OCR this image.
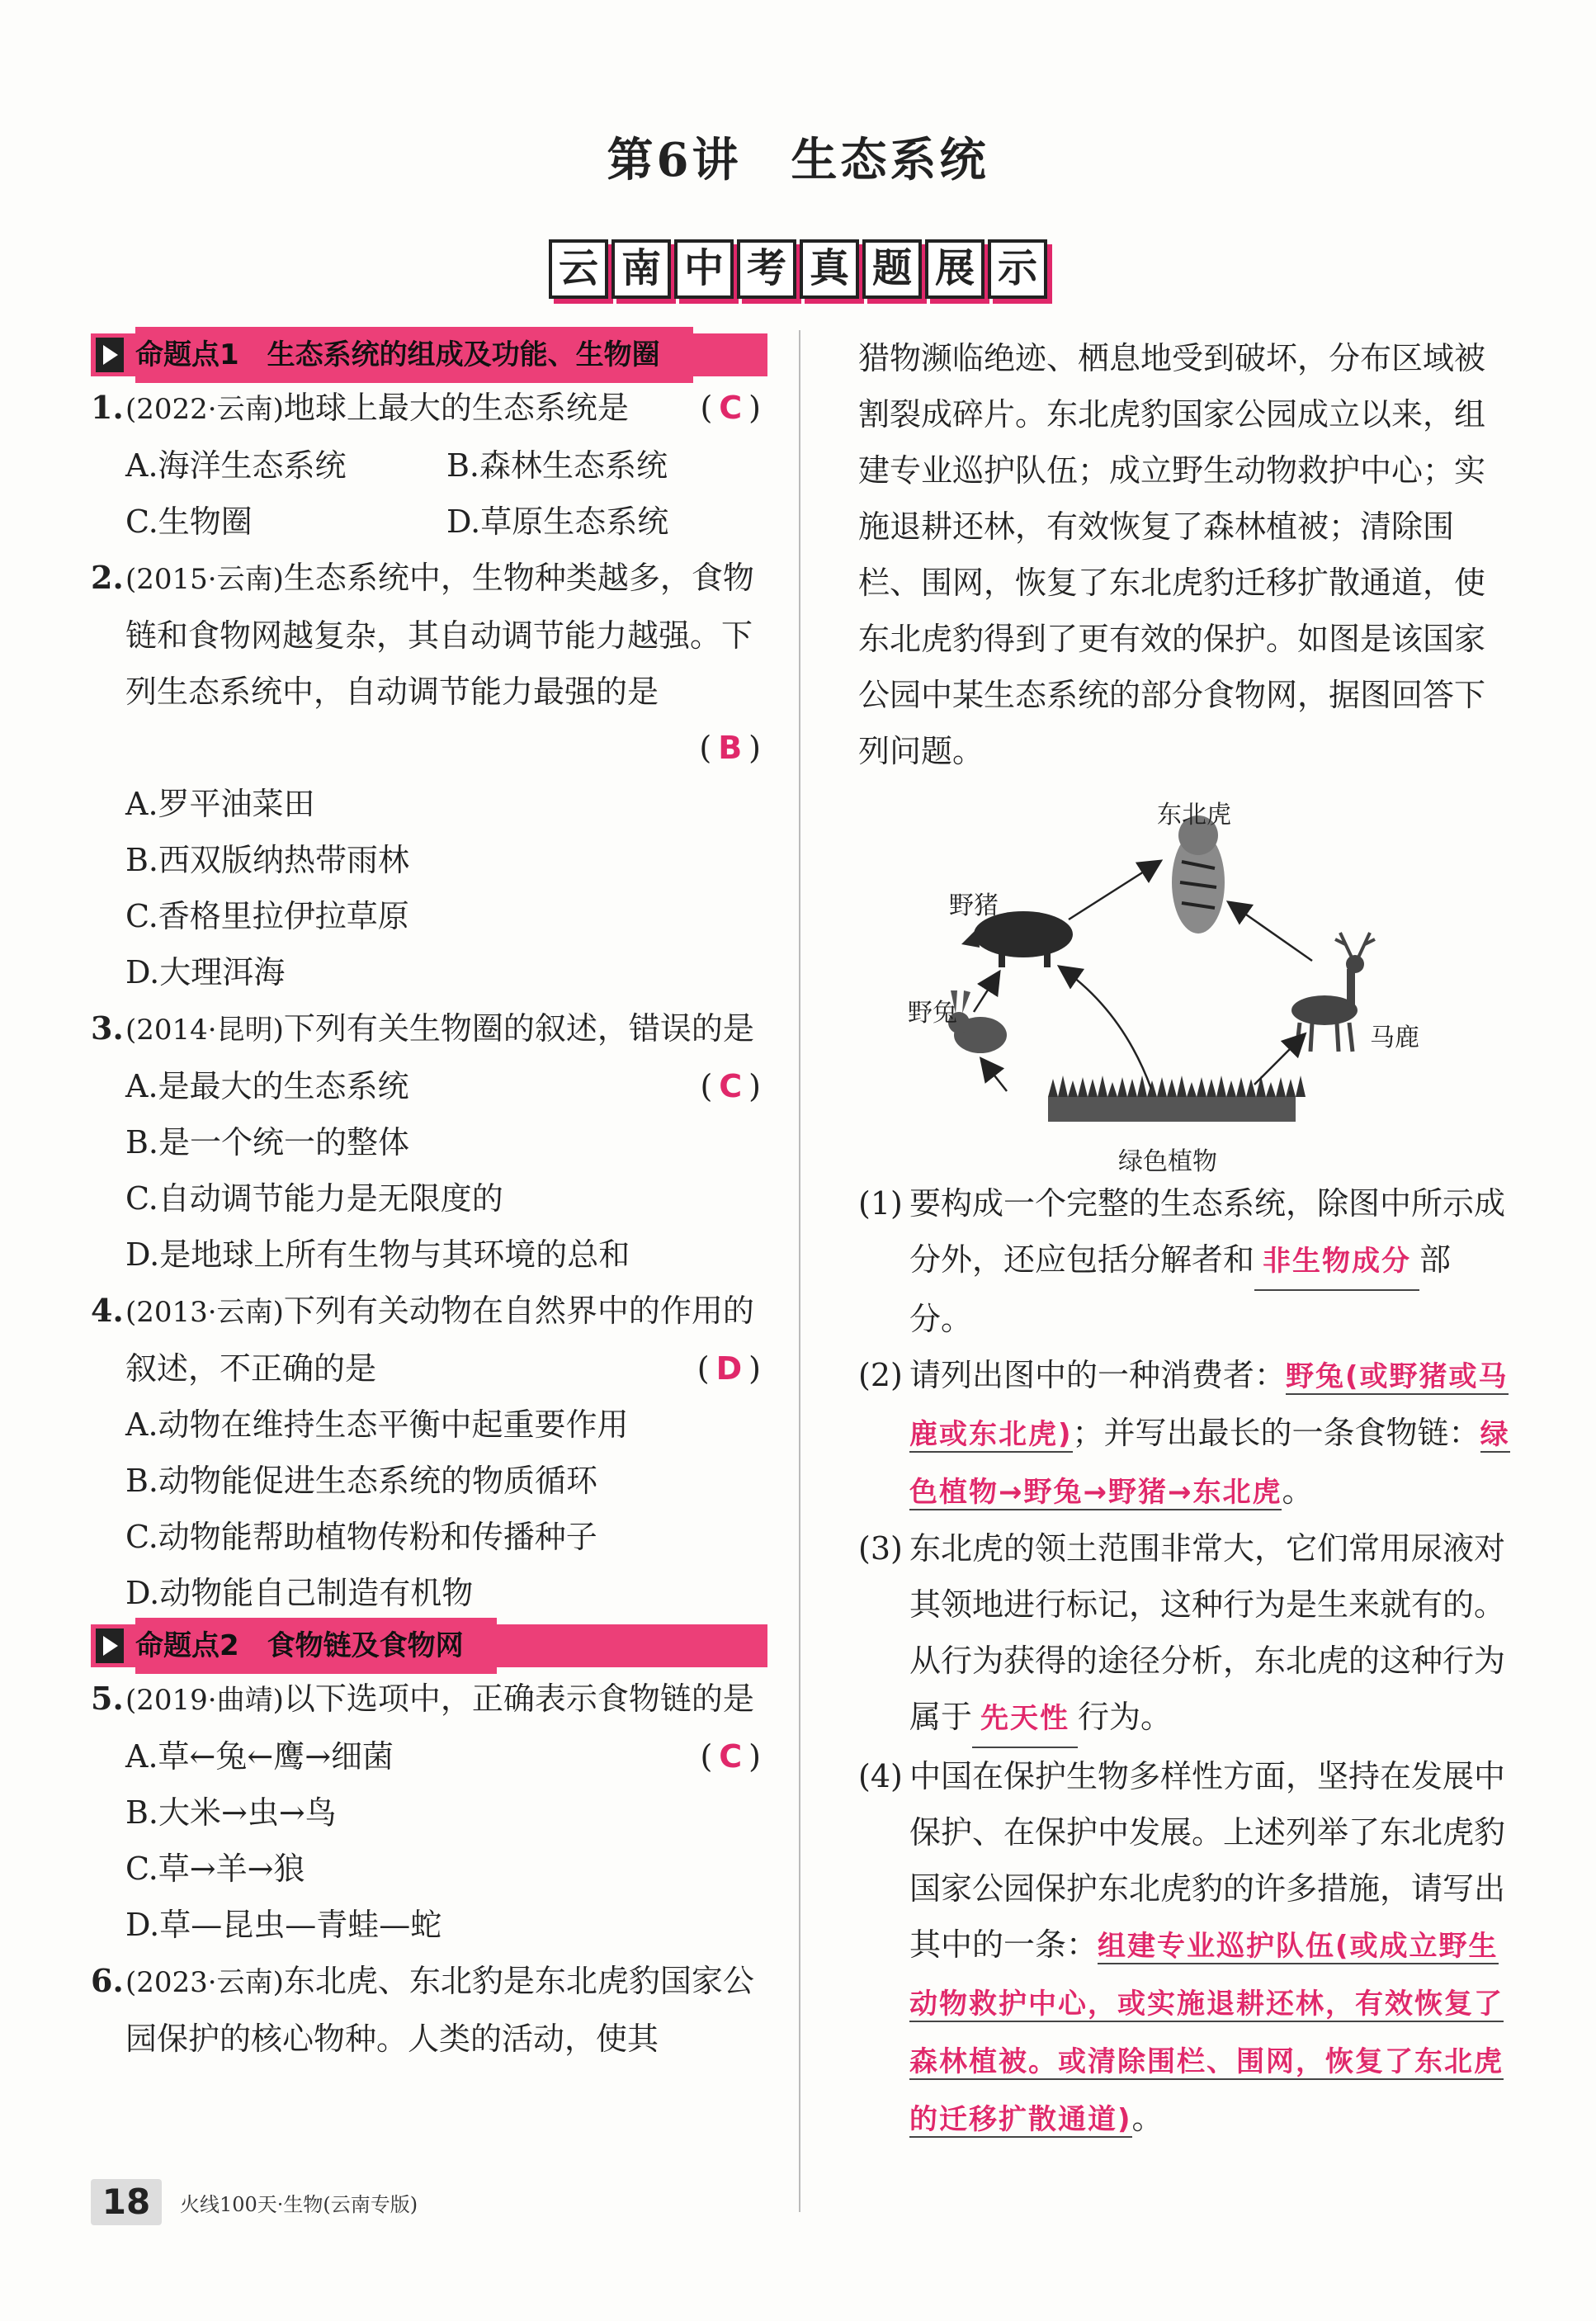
第6讲　生态系统
云 南 中 考 真 题 展 示
命题点1　生态系统的组成及功能、生物圈
1. (2022·云南)地球上最大的生态系统是 (C)
A.海洋生态系统	B.森林生态系统
C.生物圈	D.草原生态系统
2. (2015·云南)生态系统中，生物种类越多，食物链和食物网越复杂，其自动调节能力越强。下列生态系统中，自动调节能力最强的是
(B)
A.罗平油菜田
B.西双版纳热带雨林
C.香格里拉伊拉草原
D.大理洱海
3. (2014·昆明)下列有关生物圈的叙述，错误的是
(C)
A.是最大的生态系统
B.是一个统一的整体
C.自动调节能力是无限度的
D.是地球上所有生物与其环境的总和
4. (2013·云南)下列有关动物在自然界中的作用的叙述，不正确的是	(D)
A.动物在维持生态平衡中起重要作用
B.动物能促进生态系统的物质循环
C.动物能帮助植物传粉和传播种子
D.动物能自己制造有机物
命题点2　食物链及食物网
5. (2019·曲靖)以下选项中，正确表示食物链的是
(C)
A.草←兔←鹰→细菌
B.大米→虫→鸟
C.草→羊→狼
D.草—昆虫—青蛙—蛇
6. (2023·云南)东北虎、东北豹是东北虎豹国家公园保护的核心物种。人类的活动，使其
猎物濒临绝迹、栖息地受到破坏，分布区域被割裂成碎片。东北虎豹国家公园成立以来，组建专业巡护队伍；成立野生动物救护中心；实施退耕还林，有效恢复了森林植被；清除围栏、围网，恢复了东北虎豹迁移扩散通道，使东北虎豹得到了更有效的保护。如图是该国家公园中某生态系统的部分食物网，据图回答下列问题。
东北虎
野猪
野兔
马鹿
绿色植物
(1) 要构成一个完整的生态系统，除图中所示成分外，还应包括分解者和 非生物成分 部分。
(2) 请列出图中的一种消费者：野兔(或野猪或马鹿或东北虎)；并写出最长的一条食物链：绿色植物→野兔→野猪→东北虎。
(3) 东北虎的领土范围非常大，它们常用尿液对其领地进行标记，这种行为是生来就有的。从行为获得的途径分析，东北虎的这种行为属于 先天性 行为。
(4) 中国在保护生物多样性方面，坚持在发展中保护、在保护中发展。上述列举了东北虎豹国家公园保护东北虎豹的许多措施，请写出其中的一条：组建专业巡护队伍(或成立野生动物救护中心，或实施退耕还林，有效恢复了森林植被。或清除围栏、围网，恢复了东北虎的迁移扩散通道)。
18	火线100天·生物(云南专版)
